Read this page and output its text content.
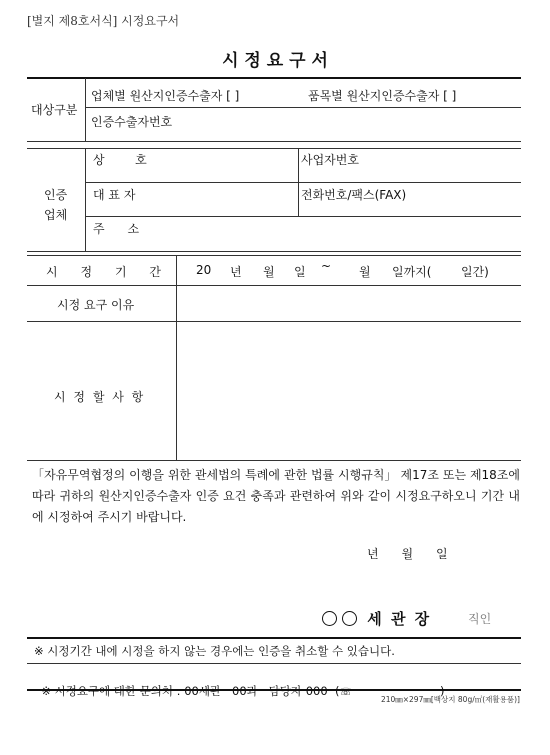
[별지 제8호서식] 시정요구서
시 정 요 구 서
대상구분
업체별 원산지인증수출자 [ ]	품목별 원산지인증수출자 [ ]
인증수출자번호
인증
업체
상        호	사업자번호
대 표 자	전화번호/팩스(FAX)
주      소
시      정      기      간	20 년 월 일 ~ 월 일까지( 일간)
시정 요구 이유
시 정 할 사 항
「자유무역협정의 이행을 위한 관세법의 특례에 관한 법률 시행규칙」 제17조 또는 제18조에 따라 귀하의 원산지인증수출자 인증 요건 충족과 관련하여 위와 같이 시정요구하오니 기간 내에 시정하여 주시기 바랍니다.
년      월      일
세 관 장	직인
※ 시정기간 내에 시정을 하지 않는 경우에는 인증을 취소할 수 있습니다.

※ 시정요구에 대한 문의처 : 00세관   00과   담당자 000  (☏	)

210㎜×297㎜[백상지 80g/㎡(재활용품)]
